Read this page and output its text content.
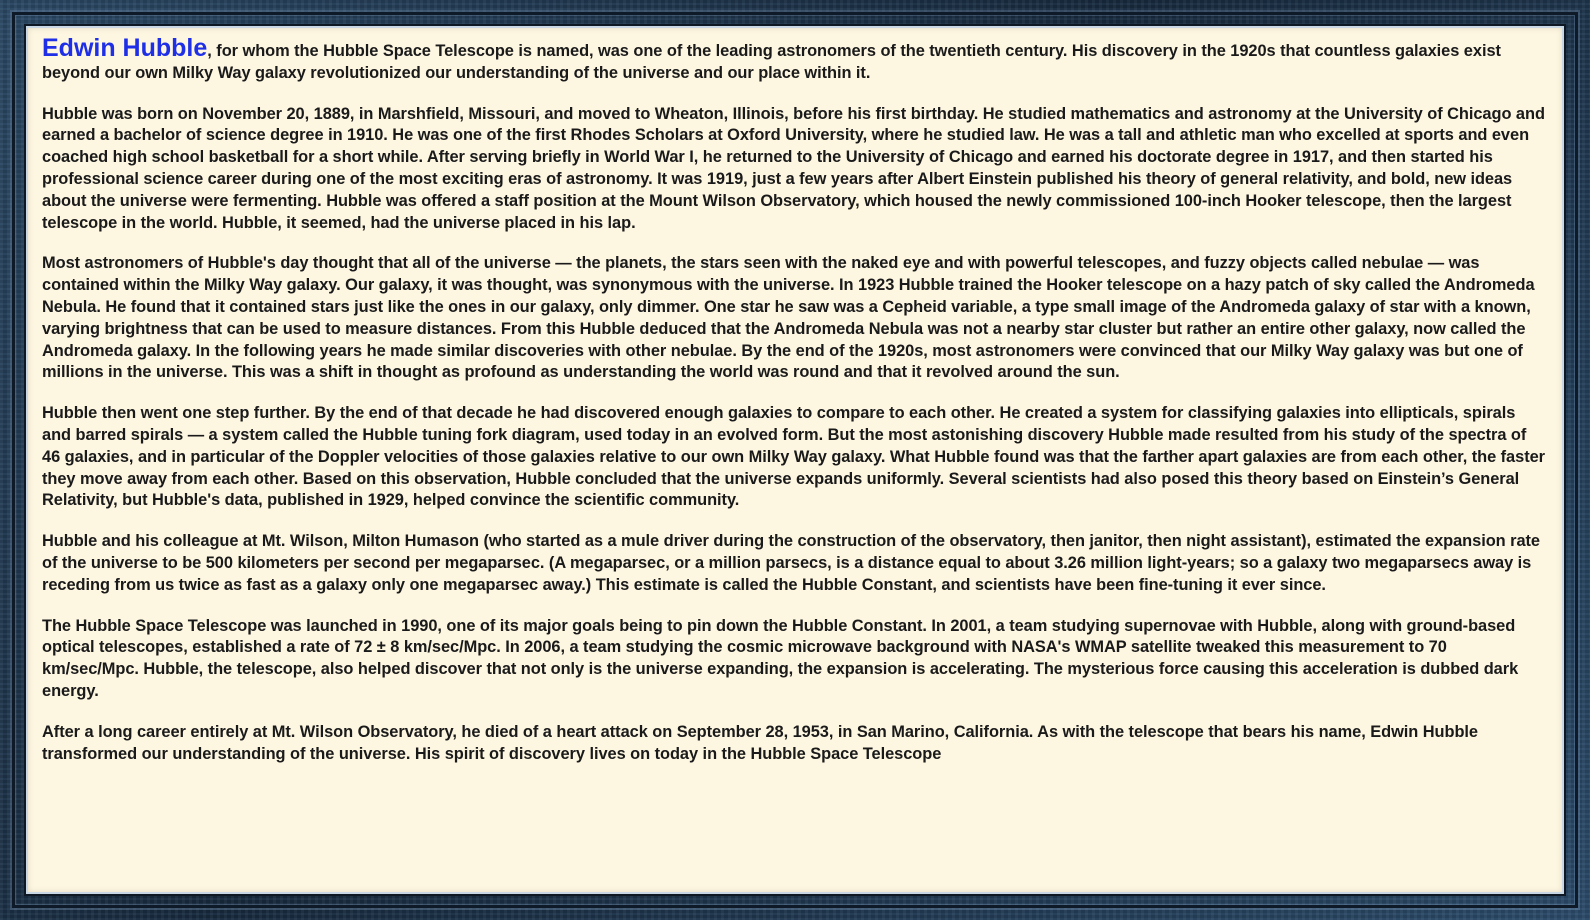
Edwin Hubble, for whom the Hubble Space Telescope is named, was one of the leading astronomers of the twentieth century. His discovery in the 1920s that countless galaxies exist beyond our own Milky Way galaxy revolutionized our understanding of the universe and our place within it.

Hubble was born on November 20, 1889, in Marshfield, Missouri, and moved to Wheaton, Illinois, before his first birthday. He studied mathematics and astronomy at the University of Chicago and earned a bachelor of science degree in 1910. He was one of the first Rhodes Scholars at Oxford University, where he studied law. He was a tall and athletic man who excelled at sports and even coached high school basketball for a short while. After serving briefly in World War I, he returned to the University of Chicago and earned his doctorate degree in 1917, and then started his professional science career during one of the most exciting eras of astronomy. It was 1919, just a few years after Albert Einstein published his theory of general relativity, and bold, new ideas about the universe were fermenting. Hubble was offered a staff position at the Mount Wilson Observatory, which housed the newly commissioned 100-inch Hooker telescope, then the largest telescope in the world. Hubble, it seemed, had the universe placed in his lap.

Most astronomers of Hubble's day thought that all of the universe — the planets, the stars seen with the naked eye and with powerful telescopes, and fuzzy objects called nebulae — was contained within the Milky Way galaxy. Our galaxy, it was thought, was synonymous with the universe. In 1923 Hubble trained the Hooker telescope on a hazy patch of sky called the Andromeda Nebula. He found that it contained stars just like the ones in our galaxy, only dimmer. One star he saw was a Cepheid variable, a type small image of the Andromeda galaxy of star with a known, varying brightness that can be used to measure distances. From this Hubble deduced that the Andromeda Nebula was not a nearby star cluster but rather an entire other galaxy, now called the Andromeda galaxy. In the following years he made similar discoveries with other nebulae. By the end of the 1920s, most astronomers were convinced that our Milky Way galaxy was but one of millions in the universe. This was a shift in thought as profound as understanding the world was round and that it revolved around the sun.

Hubble then went one step further. By the end of that decade he had discovered enough galaxies to compare to each other. He created a system for classifying galaxies into ellipticals, spirals and barred spirals — a system called the Hubble tuning fork diagram, used today in an evolved form. But the most astonishing discovery Hubble made resulted from his study of the spectra of 46 galaxies, and in particular of the Doppler velocities of those galaxies relative to our own Milky Way galaxy. What Hubble found was that the farther apart galaxies are from each other, the faster they move away from each other. Based on this observation, Hubble concluded that the universe expands uniformly. Several scientists had also posed this theory based on Einstein’s General Relativity, but Hubble's data, published in 1929, helped convince the scientific community.

Hubble and his colleague at Mt. Wilson, Milton Humason (who started as a mule driver during the construction of the observatory, then janitor, then night assistant), estimated the expansion rate of the universe to be 500 kilometers per second per megaparsec. (A megaparsec, or a million parsecs, is a distance equal to about 3.26 million light-years; so a galaxy two megaparsecs away is receding from us twice as fast as a galaxy only one megaparsec away.) This estimate is called the Hubble Constant, and scientists have been fine-tuning it ever since.

The Hubble Space Telescope was launched in 1990, one of its major goals being to pin down the Hubble Constant. In 2001, a team studying supernovae with Hubble, along with ground-based optical telescopes, established a rate of 72 ± 8 km/sec/Mpc. In 2006, a team studying the cosmic microwave background with NASA's WMAP satellite tweaked this measurement to 70 km/sec/Mpc. Hubble, the telescope, also helped discover that not only is the universe expanding, the expansion is accelerating. The mysterious force causing this acceleration is dubbed dark energy.

After a long career entirely at Mt. Wilson Observatory, he died of a heart attack on September 28, 1953, in San Marino, California. As with the telescope that bears his name, Edwin Hubble transformed our understanding of the universe. His spirit of discovery lives on today in the Hubble Space Telescope
